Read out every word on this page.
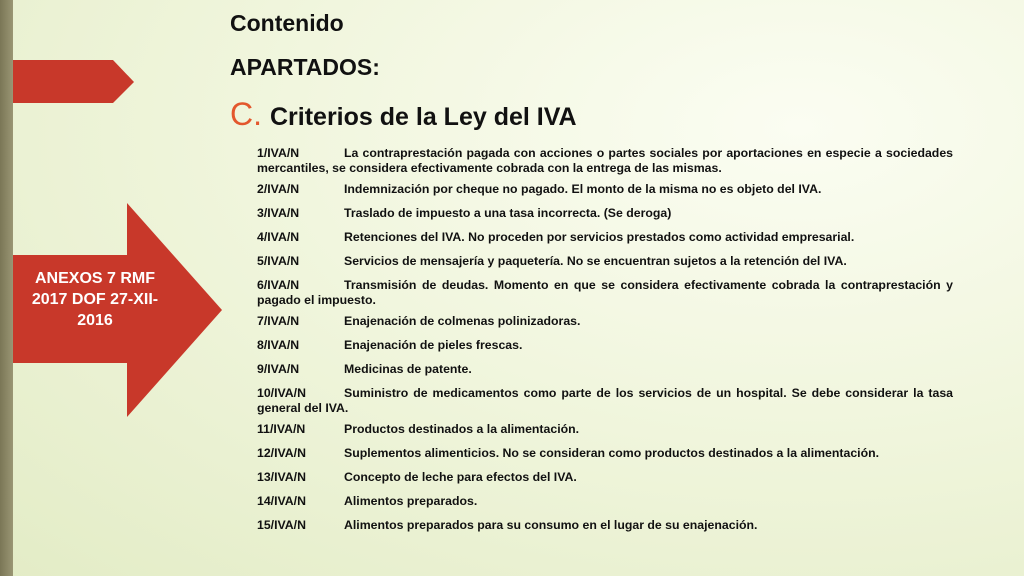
ANEXOS 7 RMF 2017 DOF 27-XII-2016
Contenido
APARTADOS:
C. Criterios de la Ley del IVA
1/IVA/N	La contraprestación pagada con acciones o partes sociales por aportaciones en especie a sociedades mercantiles, se considera efectivamente cobrada con la entrega de las mismas.
2/IVA/N	Indemnización por cheque no pagado. El monto de la misma no es objeto del IVA.
3/IVA/N	Traslado de impuesto a una tasa incorrecta. (Se deroga)
4/IVA/N	Retenciones del IVA. No proceden por servicios prestados como actividad empresarial.
5/IVA/N	Servicios de mensajería y paquetería. No se encuentran sujetos a la retención del IVA.
6/IVA/N	Transmisión de deudas. Momento en que se considera efectivamente cobrada la contraprestación y pagado el impuesto.
7/IVA/N	Enajenación de colmenas polinizadoras.
8/IVA/N	Enajenación de pieles frescas.
9/IVA/N	Medicinas de patente.
10/IVA/N	Suministro de medicamentos como parte de los servicios de un hospital. Se debe considerar la tasa general del IVA.
11/IVA/N	Productos destinados a la alimentación.
12/IVA/N	Suplementos alimenticios. No se consideran como productos destinados a la alimentación.
13/IVA/N	Concepto de leche para efectos del IVA.
14/IVA/N	Alimentos preparados.
15/IVA/N	Alimentos preparados para su consumo en el lugar de su enajenación.
